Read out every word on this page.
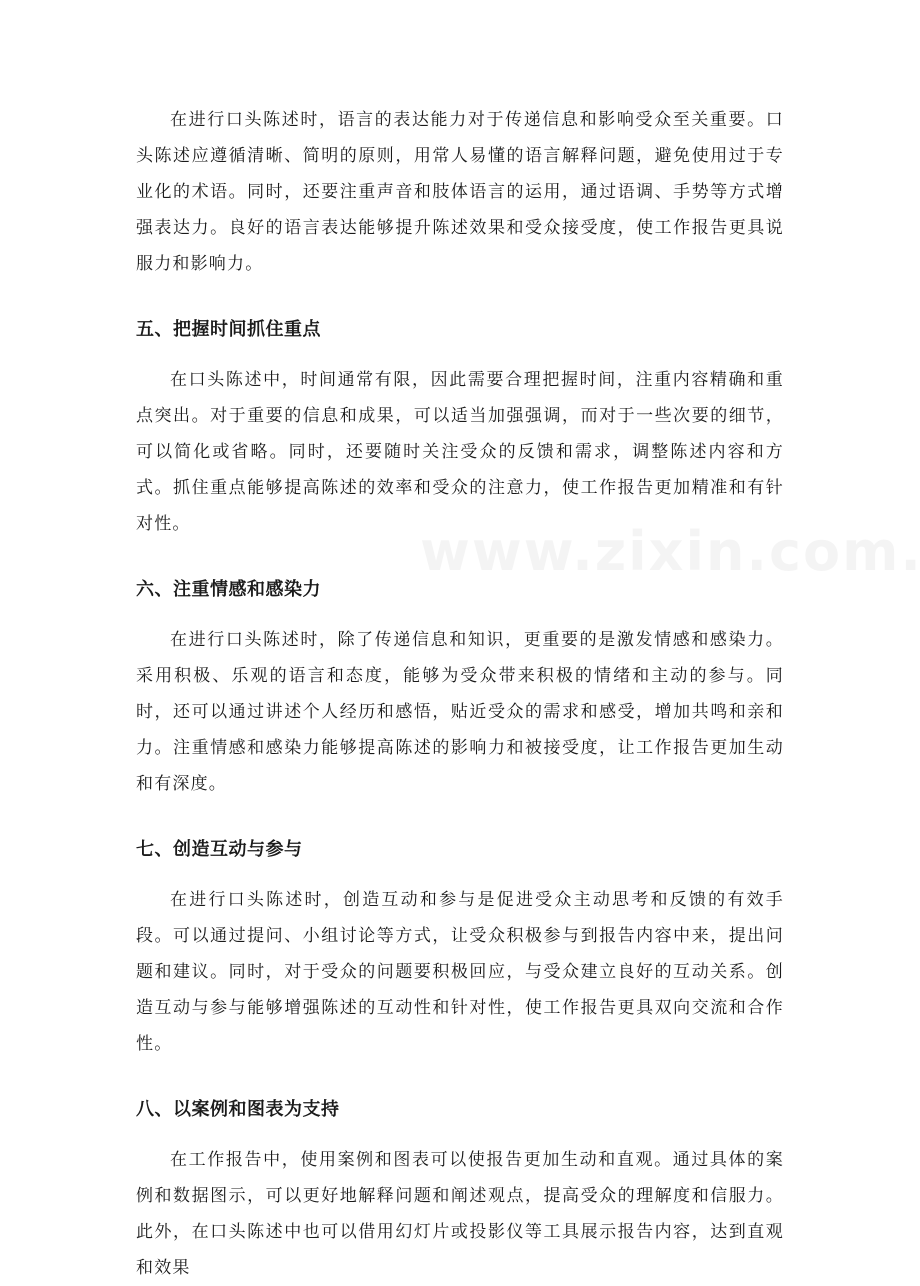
在进行口头陈述时，语言的表达能力对于传递信息和影响受众至关重要。口头陈述应遵循清晰、简明的原则，用常人易懂的语言解释问题，避免使用过于专业化的术语。同时，还要注重声音和肢体语言的运用，通过语调、手势等方式增强表达力。良好的语言表达能够提升陈述效果和受众接受度，使工作报告更具说服力和影响力。

五、把握时间抓住重点

在口头陈述中，时间通常有限，因此需要合理把握时间，注重内容精确和重点突出。对于重要的信息和成果，可以适当加强强调，而对于一些次要的细节，可以简化或省略。同时，还要随时关注受众的反馈和需求，调整陈述内容和方式。抓住重点能够提高陈述的效率和受众的注意力，使工作报告更加精准和有针对性。

六、注重情感和感染力

在进行口头陈述时，除了传递信息和知识，更重要的是激发情感和感染力。采用积极、乐观的语言和态度，能够为受众带来积极的情绪和主动的参与。同时，还可以通过讲述个人经历和感悟，贴近受众的需求和感受，增加共鸣和亲和力。注重情感和感染力能够提高陈述的影响力和被接受度，让工作报告更加生动和有深度。

七、创造互动与参与

在进行口头陈述时，创造互动和参与是促进受众主动思考和反馈的有效手段。可以通过提问、小组讨论等方式，让受众积极参与到报告内容中来，提出问题和建议。同时，对于受众的问题要积极回应，与受众建立良好的互动关系。创造互动与参与能够增强陈述的互动性和针对性，使工作报告更具双向交流和合作性。

八、以案例和图表为支持

在工作报告中，使用案例和图表可以使报告更加生动和直观。通过具体的案例和数据图示，可以更好地解释问题和阐述观点，提高受众的理解度和信服力。此外，在口头陈述中也可以借用幻灯片或投影仪等工具展示报告内容，达到直观和效果
